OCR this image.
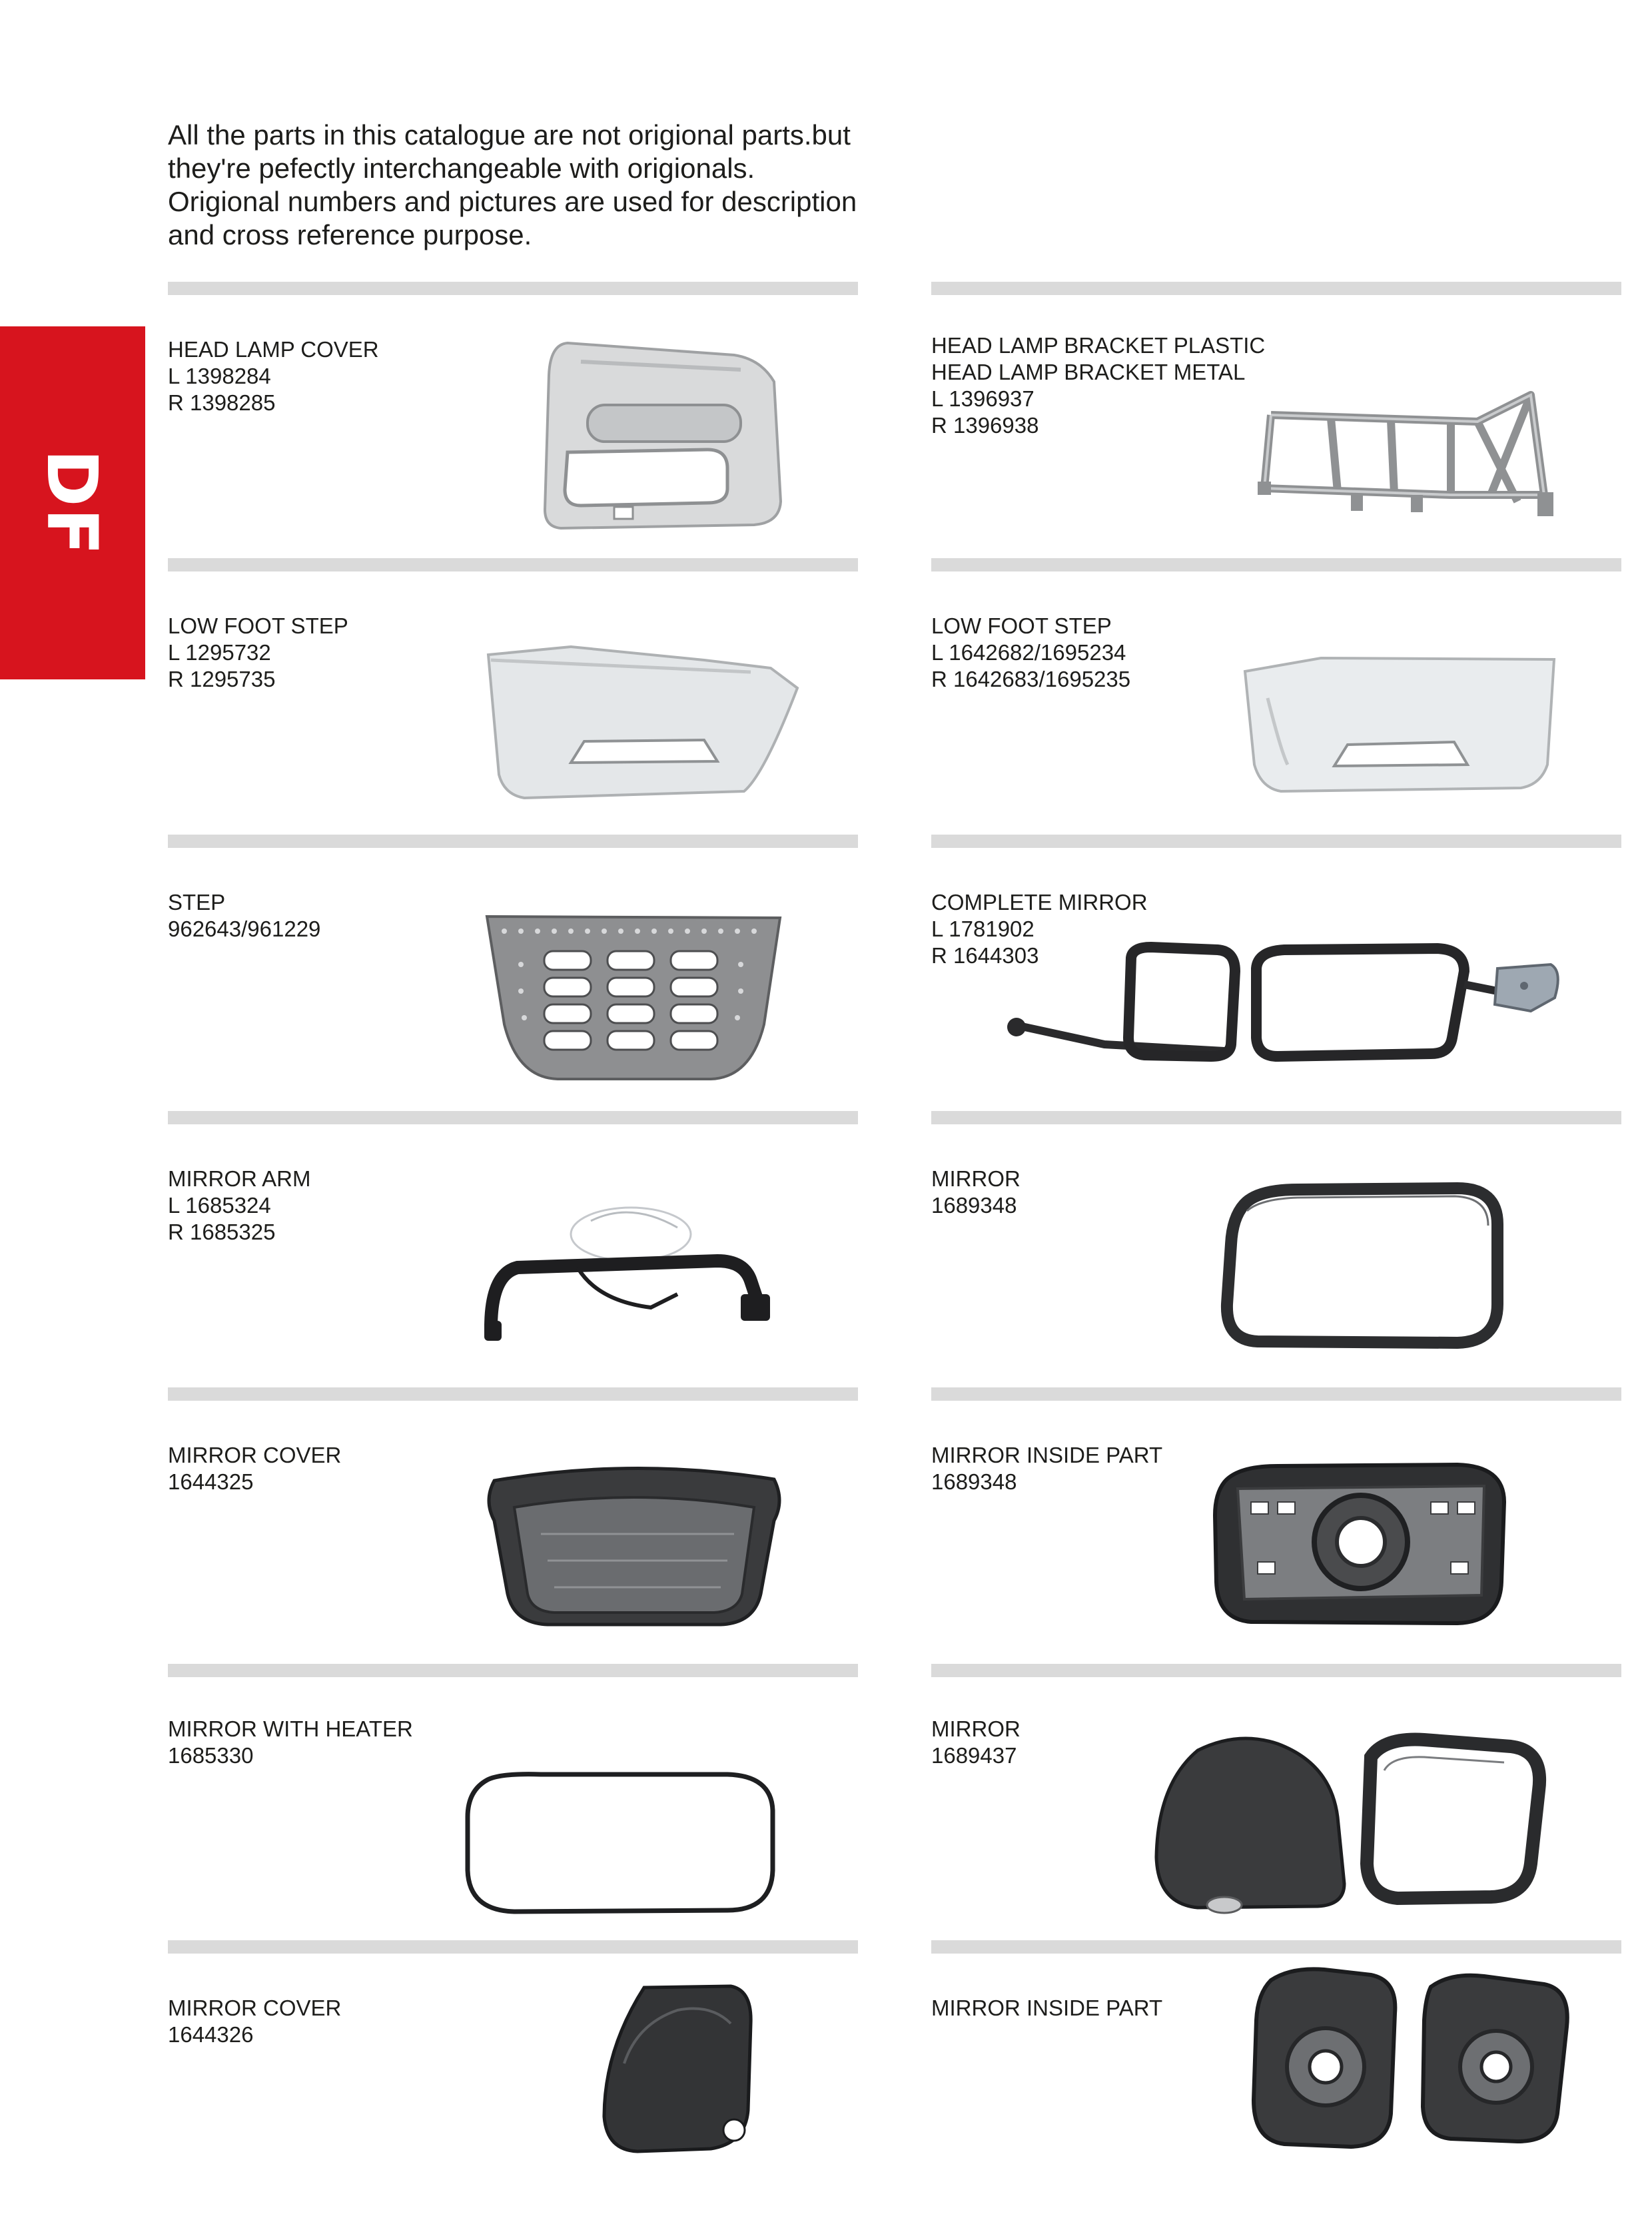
All the parts in this catalogue are not origional parts.but
they're pefectly interchangeable with origionals.
Origional numbers and pictures are used for description
and cross reference purpose.
DF
HEAD LAMP COVER
L 1398284
R 1398285
HEAD LAMP BRACKET PLASTIC
HEAD LAMP BRACKET METAL
L 1396937
R 1396938
LOW FOOT STEP
L 1295732
R 1295735
LOW FOOT STEP
L 1642682/1695234
R 1642683/1695235
STEP
962643/961229
COMPLETE MIRROR
L 1781902
R 1644303
MIRROR ARM
L 1685324
R 1685325
MIRROR
1689348
MIRROR COVER
1644325
MIRROR INSIDE PART
1689348
MIRROR WITH HEATER
1685330
MIRROR
1689437
MIRROR COVER
1644326
MIRROR INSIDE PART
